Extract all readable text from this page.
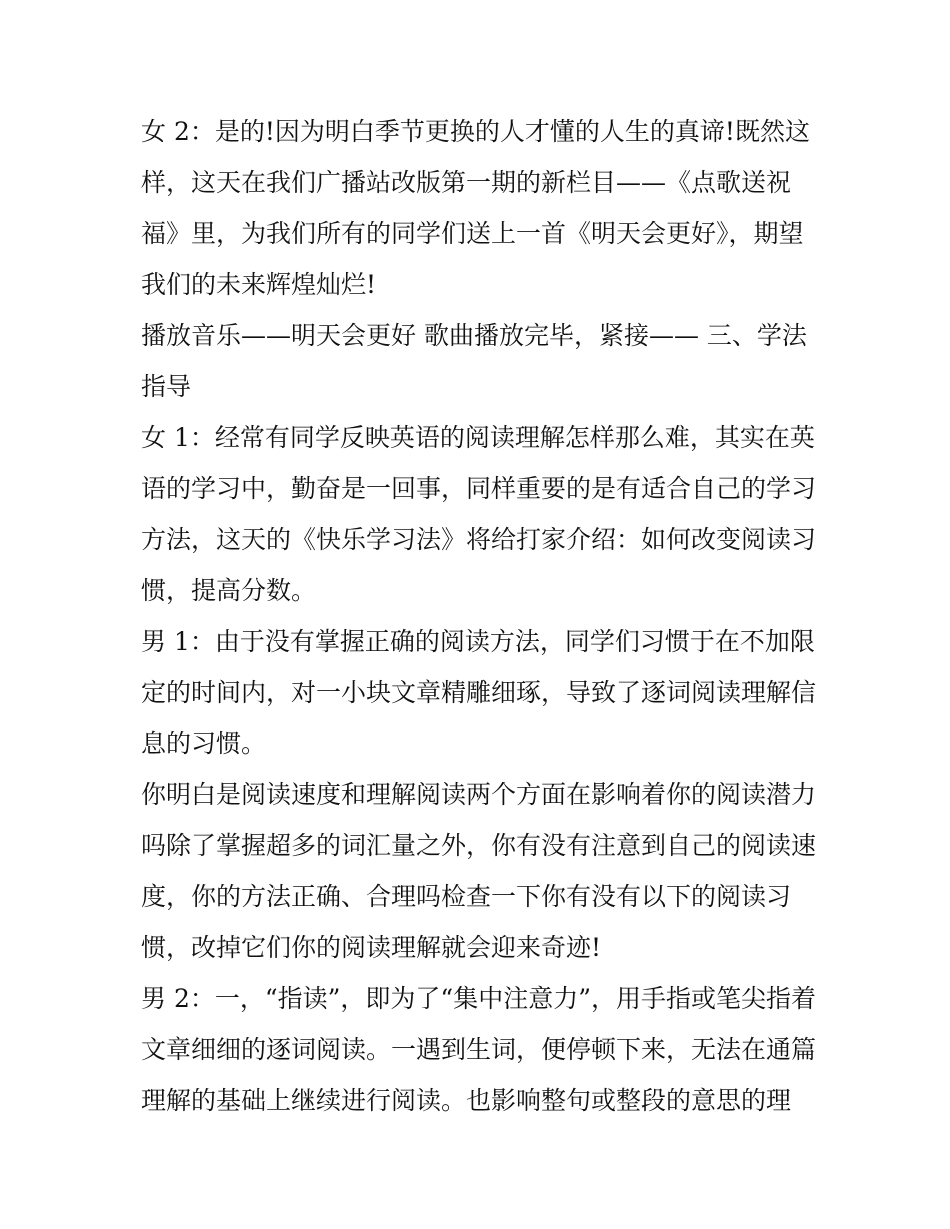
女 2：是的!因为明白季节更换的人才懂的人生的真谛!既然这
样，这天在我们广播站改版第一期的新栏目——《点歌送祝
福》里，为我们所有的同学们送上一首《明天会更好》，期望
我们的未来辉煌灿烂!
播放音乐——明天会更好 歌曲播放完毕，紧接—— 三、学法
指导
女 1：经常有同学反映英语的阅读理解怎样那么难，其实在英
语的学习中，勤奋是一回事，同样重要的是有适合自己的学习
方法，这天的《快乐学习法》将给打家介绍：如何改变阅读习
惯，提高分数。
男 1：由于没有掌握正确的阅读方法，同学们习惯于在不加限
定的时间内，对一小块文章精雕细琢，导致了逐词阅读理解信
息的习惯。
你明白是阅读速度和理解阅读两个方面在影响着你的阅读潜力
吗除了掌握超多的词汇量之外，你有没有注意到自己的阅读速
度，你的方法正确、合理吗检查一下你有没有以下的阅读习
惯，改掉它们你的阅读理解就会迎来奇迹!
男 2：一，“指读”，即为了“集中注意力”，用手指或笔尖指着
文章细细的逐词阅读。一遇到生词，便停顿下来，无法在通篇
理解的基础上继续进行阅读。也影响整句或整段的意思的理
